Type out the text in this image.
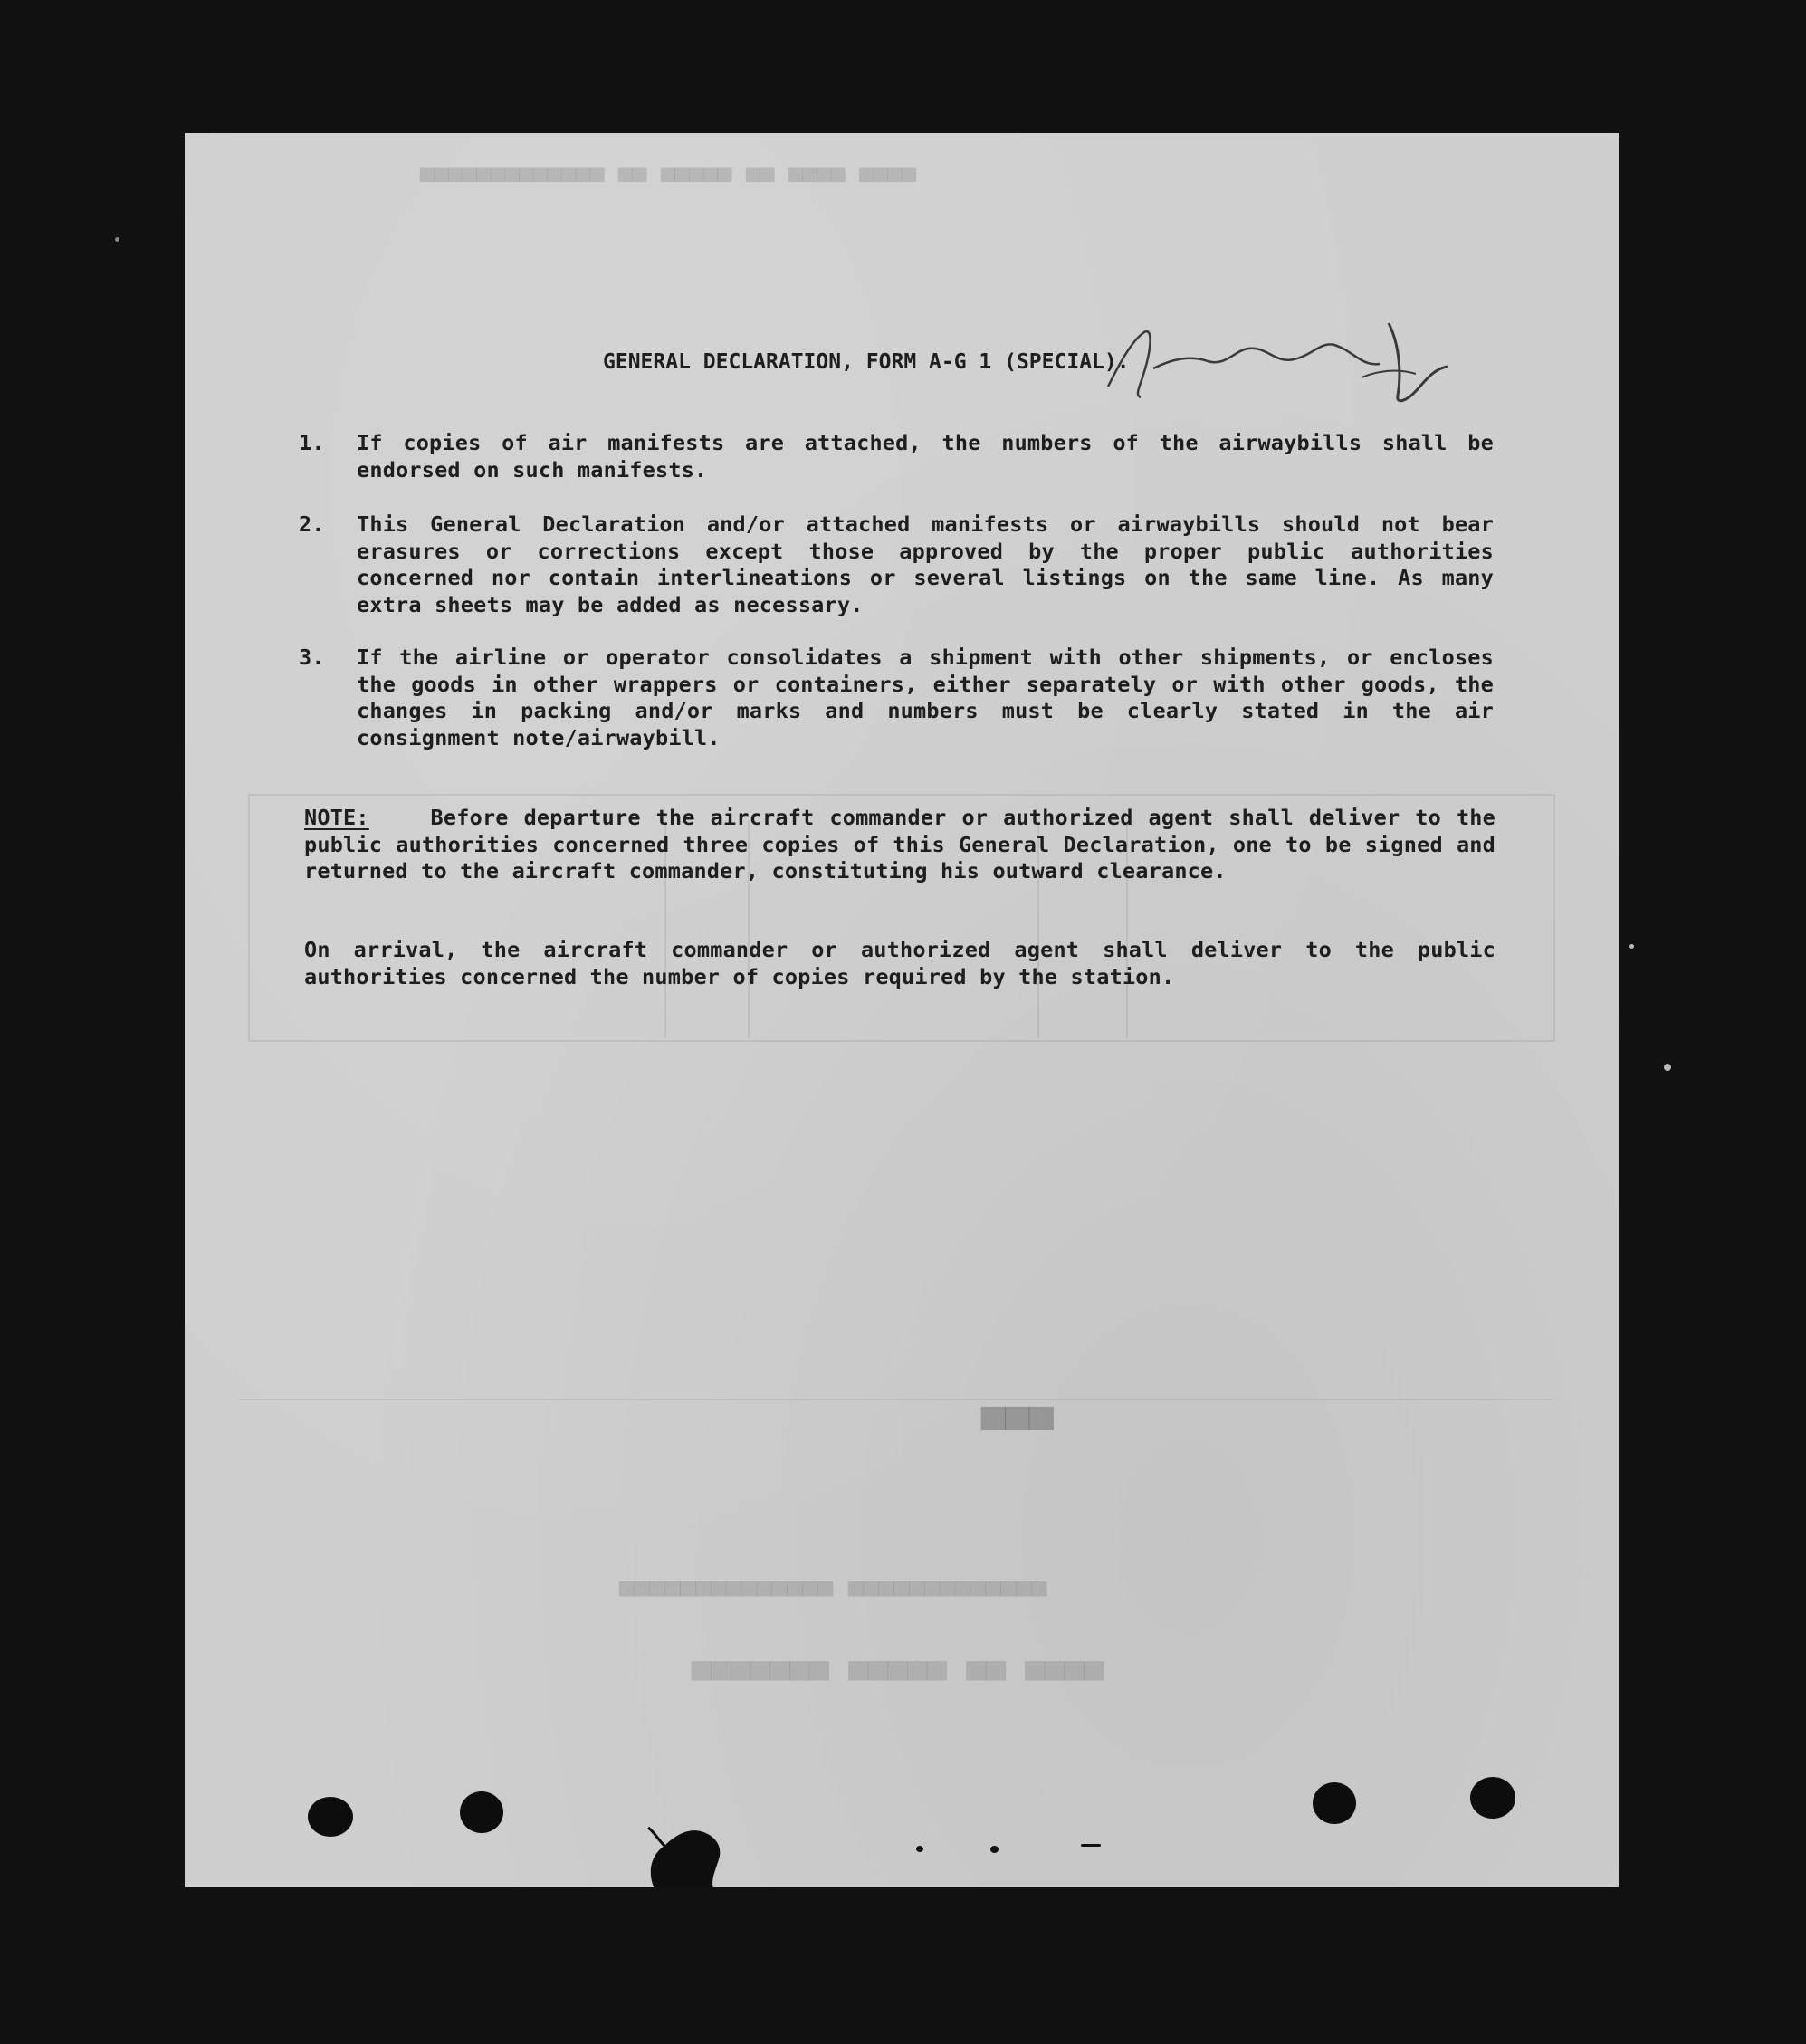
▀▀▀▀ ▀▀▀▀ ▀▀ ▀▀▀▀▀ ▀▀ ▀▀▀▀▀▀▀▀▀▀▀▀▀
▀▀▀
▀▀▀▀▀▀▀▀▀▀▀▀▀ ▀▀▀▀▀▀▀▀▀▀▀▀▀▀
▀▀▀▀ ▀▀ ▀▀▀▀▀ ▀▀▀▀▀▀▀
GENERAL DECLARATION, FORM A-G 1 (SPECIAL).
1. If copies of air manifests are attached, the numbers of the airwaybills shall be endorsed on such manifests.
2. This General Declaration and/or attached manifests or airwaybills should not bear erasures or corrections except those approved by the proper public authorities concerned nor contain interlineations or several listings on the same line. As many extra sheets may be added as necessary.
3. If the airline or operator consolidates a shipment with other shipments, or encloses the goods in other wrappers or containers, either separately or with other goods, the changes in packing and/or marks and numbers must be clearly stated in the air consignment note/airwaybill.
NOTE:	Before departure the aircraft commander or authorized agent shall deliver to the public authorities concerned three copies of this General Declaration, one to be signed and returned to the aircraft commander, constituting his outward clearance.
On arrival, the aircraft commander or authorized agent shall deliver to the public authorities concerned the number of copies required by the station.
